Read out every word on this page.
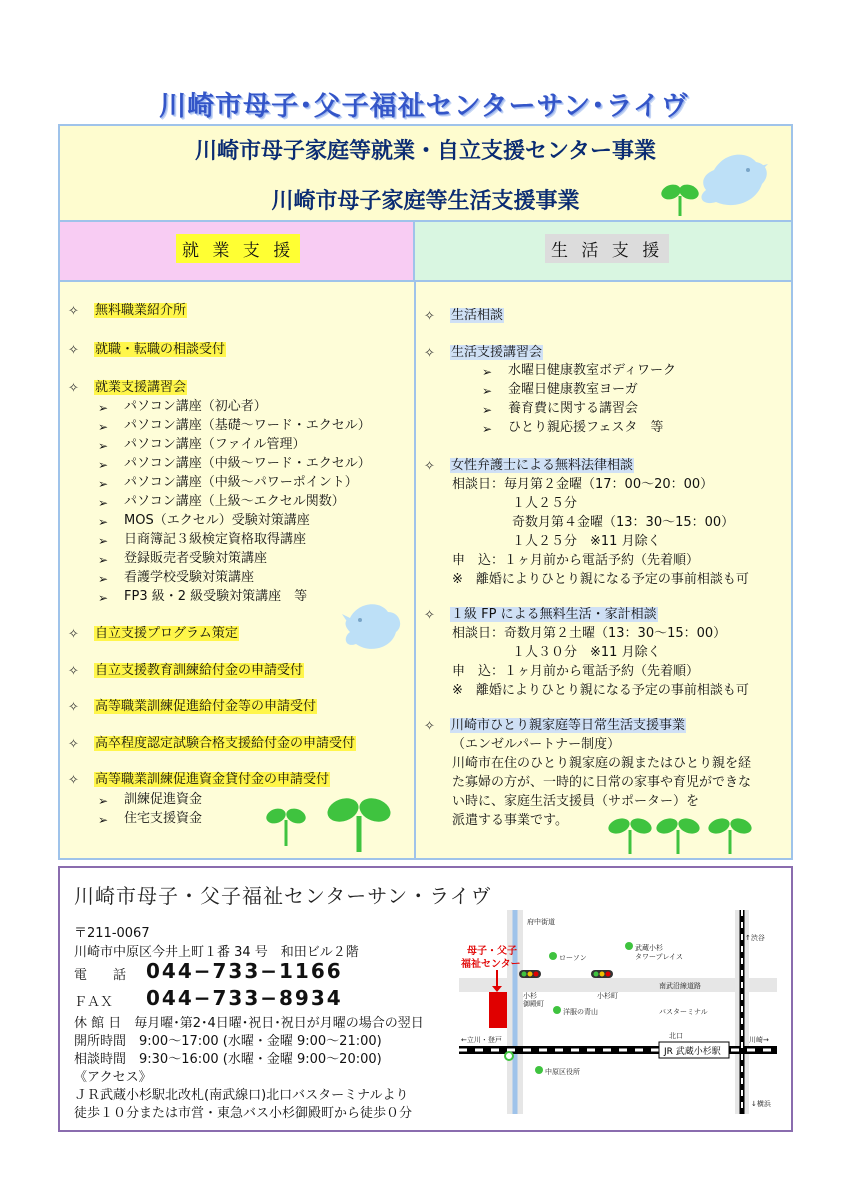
川崎市母子･父子福祉センターサン･ライヴ
川崎市母子家庭等就業・自立支援センター事業
川崎市母子家庭等生活支援事業
就 業 支 援	生 活 支 援
✧ 無料職業紹介所
✧ 就職・転職の相談受付
✧ 就業支援講習会
➢ パソコン講座（初心者）
➢ パソコン講座（基礎～ワード・エクセル）
➢ パソコン講座（ファイル管理）
➢ パソコン講座（中級～ワード・エクセル）
➢ パソコン講座（中級～パワーポイント）
➢ パソコン講座（上級～エクセル関数）
➢ MOS（エクセル）受験対策講座
➢ 日商簿記３級検定資格取得講座
➢ 登録販売者受験対策講座
➢ 看護学校受験対策講座
➢ FP3 級・2 級受験対策講座　等
✧ 自立支援プログラム策定
✧ 自立支援教育訓練給付金の申請受付
✧ 高等職業訓練促進給付金等の申請受付
✧ 高卒程度認定試験合格支援給付金の申請受付
✧ 高等職業訓練促進資金貸付金の申請受付
➢ 訓練促進資金
➢ 住宅支援資金
✧ 生活相談
✧ 生活支援講習会
➢ 水曜日健康教室ボディワーク
➢ 金曜日健康教室ヨーガ
➢ 養育費に関する講習会
➢ ひとり親応援フェスタ　等
✧ 女性弁護士による無料法律相談
相談日：毎月第２金曜（17：00～20：00）
１人２５分
奇数月第４金曜（13：30～15：00）
１人２５分　※11 月除く
申　込：１ヶ月前から電話予約（先着順）
※　離婚によりひとり親になる予定の事前相談も可
✧ １級 FP による無料生活・家計相談
相談日：奇数月第２土曜（13：30～15：00）
１人３０分　※11 月除く
申　込：１ヶ月前から電話予約（先着順）
※　離婚によりひとり親になる予定の事前相談も可
✧ 川崎市ひとり親家庭等日常生活支援事業
（エンゼルパートナー制度）
川崎市在住のひとり親家庭の親またはひとり親を経
た寡婦の方が、一時的に日常の家事や育児ができな
い時に、家庭生活支援員（サポーター）を
派遣する事業です。
川崎市母子・父子福祉センターサン・ライヴ
〒211-0067
川崎市中原区今井上町１番 34 号　和田ビル２階
電　　話 044−733−1166
ＦＡＸ 044−733−8934
休 館 日　毎月曜･第2･4日曜･祝日･祝日が月曜の場合の翌日
開所時間　9:00～17:00 (水曜・金曜 9:00～21:00)
相談時間　9:30～16:00 (水曜・金曜 9:00～20:00)
《アクセス》
ＪＲ武蔵小杉駅北改札(南武線口)北口バスターミナルより
徒歩１０分または市営・東急バス小杉御殿町から徒歩０分
JR 武蔵小杉駅
母子・父子
福祉センター
ローソン
武蔵小杉
タワープレイス
南武沿線道路
バスターミナル
北口
小杉
御殿町
小杉町
洋服の青山
中原区役所
←立川・登戸	川崎→
↑渋谷
↓横浜
府中街道
